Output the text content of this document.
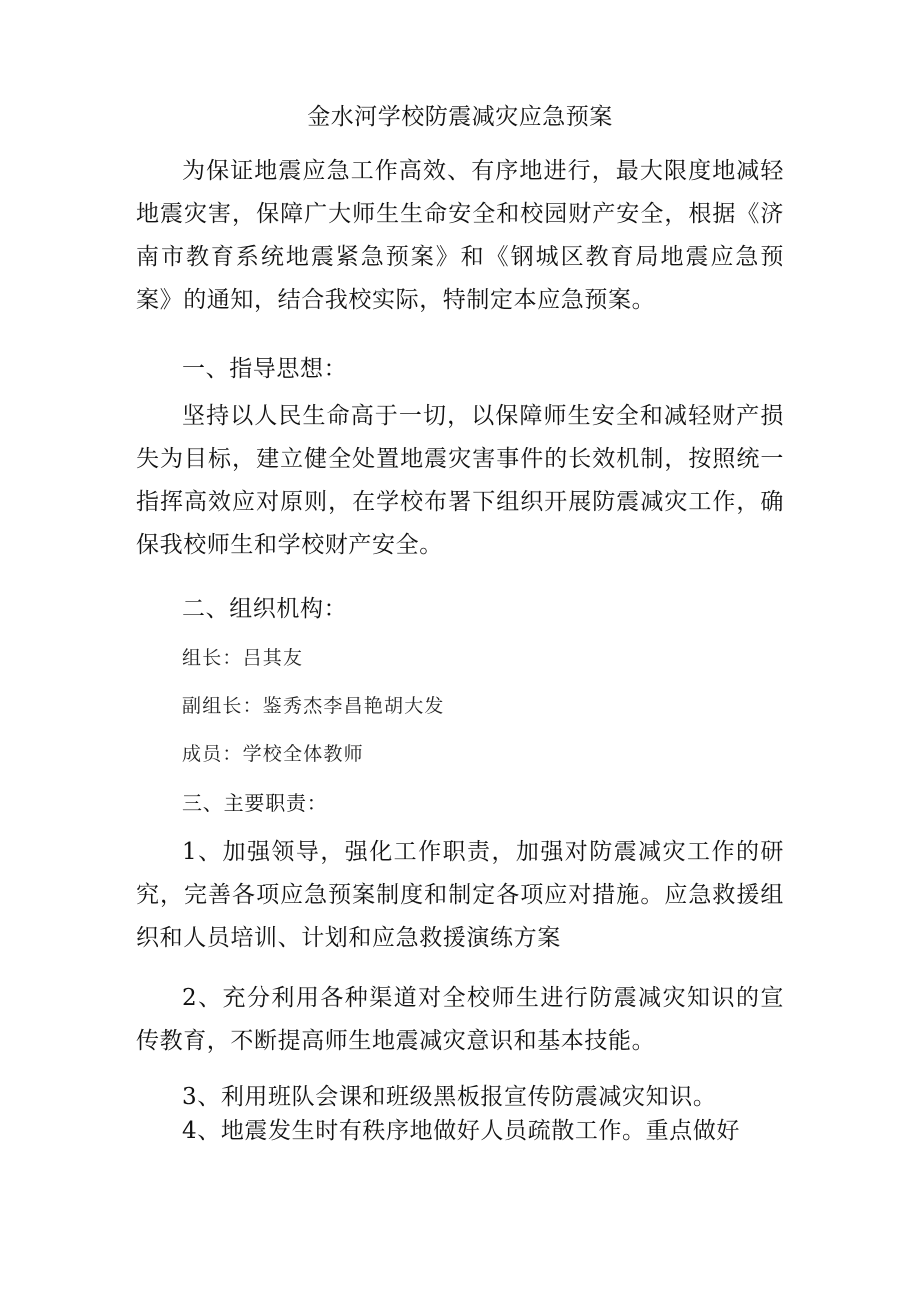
金水河学校防震减灾应急预案
为保证地震应急工作高效、有序地进行，最大限度地减轻地震灾害，保障广大师生生命安全和校园财产安全，根据《济南市教育系统地震紧急预案》和《钢城区教育局地震应急预案》的通知，结合我校实际，特制定本应急预案。
一、指导思想：
坚持以人民生命高于一切，以保障师生安全和减轻财产损失为目标，建立健全处置地震灾害事件的长效机制，按照统一指挥高效应对原则，在学校布署下组织开展防震减灾工作，确保我校师生和学校财产安全。
二、组织机构：
组长：吕其友
副组长：鉴秀杰李昌艳胡大发
成员：学校全体教师
三、主要职责：
1、加强领导，强化工作职责，加强对防震减灾工作的研究，完善各项应急预案制度和制定各项应对措施。应急救援组织和人员培训、计划和应急救援演练方案
2、充分利用各种渠道对全校师生进行防震减灾知识的宣传教育，不断提高师生地震减灾意识和基本技能。
3、利用班队会课和班级黑板报宣传防震减灾知识。
4、地震发生时有秩序地做好人员疏散工作。重点做好
